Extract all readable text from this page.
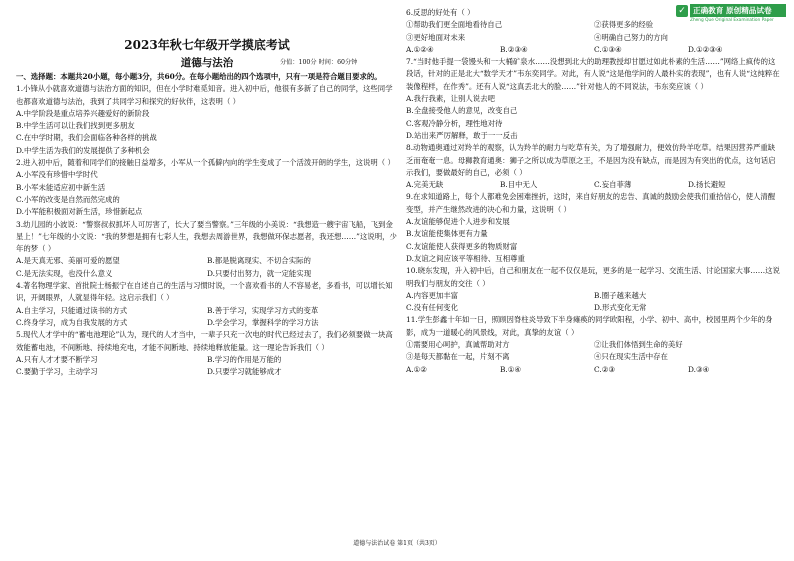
✓ 正确教育 原创精品试卷
Zheng Que Original Examination Paper
2023年秋七年级开学摸底考试
道德与法治	分值：100分 时间：60分钟

一、选择题：本题共20小题，每小题3分，共60分。在每小题给出的四个选项中，只有一项是符合题目要求的。

1.小锋从小就喜欢道德与法治方面的知识，但在小学时难觅知音。进入初中后，他很有多新了自己的同学，这些同学也都喜欢道德与法治，我到了共同学习和探究的好伙伴，这表明（ ）

A.中学阶段是重点培养兴趣爱好的新阶段

B.中学生活可以让我们找到更多朋友

C.在中学时期，我们会面临各种各样的挑战

D.中学生活为我们的发展提供了多种机会

2.进入初中后，随着和同学们的接触日益增多，小军从一个孤僻内向的学生变成了一个活泼开朗的学生，这说明（ ）

A.小军没有珍惜中学时代

B.小军未能适应初中新生活

C.小军的改变是自然而然完成的

D.小军能积极面对新生活，珍惜新起点

3.幼儿园的小波说：“警察叔叔抓坏人可厉害了，长大了要当警察。”三年级的小美说：“我想造一艘宇宙飞船，飞到金星上！”七年级的小文说：“我的梦想是拥有七彩人生，我想去周游世界，我想做环保志愿者，我还想……”这说明，少年的梦（ ）

A.是天真无邪、美丽可爱的愿望	B.都是脱离现实、不切合实际的
C.是无法实现，也没什么意义	D.只要付出努力，就一定能实现

4.著名物理学家、首批院士杨振宁在自述自己的生活与习惯时说，一个喜欢看书的人不容易老，多看书，可以增长知识，开阔眼界，人就显得年轻。这启示我们（ ）

A.自主学习，只能通过读书的方式	B.善于学习，实现学习方式的变革
C.终身学习，成为自我发展的方式	D.学会学习，掌握科学的学习方法

5.现代人才学中的“蓄电池理论”认为，现代的人才当中，一辈子只充一次电的时代已经过去了，我们必须要做一块高效能蓄电池，不间断地、持续地充电，才能不间断地、持续地释放能量。这一理论告诉我们（ ）

A.只有人才才要不断学习	B.学习的作用是万能的
C.要勤于学习，主动学习	D.只要学习就能够成才

6.反思的好处有（ ）

①帮助我们更全面地看待自己	②获得更多的经验
③更好地面对未来	④明确自己努力的方向
A.①②④	B.②③④	C.①③④	D.①②③④

7.“当时他手提一袋馒头和一大桶矿泉水……没想到北大的助理教授却甘愿过如此朴素的生活……”网络上疯传的这段话，针对的正是北大“数学天才”韦东奕同学。对此，有人说“这是他学问的人最朴实的表现”，也有人说“这纯粹在装像程样，在作秀”。还有人说“这真丢北大的脸……”针对他人的不同说法，韦东奕应该（ ）

A.我行我素，让别人说去吧

B.全盘接受他人的意见，改变自己

C.客观冷静分析，理性地对待

D.站出来严厉解释，敢于一一反击

8.动物通奥通过对羚羊的观察，认为羚羊的耐力与吃草有关，为了增强耐力，便效仿羚羊吃草。结果因营养严重缺乏而奄奄一息。母狮教育通奥：狮子之所以成为草原之王，不是因为没有缺点，而是因为有突出的优点，这句话启示我们，要做最好的自己，必须（ ）

A.完美无缺	B.目中无人	C.妄自菲薄	D.扬长避短

9.在求知道路上，每个人都难免会困难挫折，这时，来自好朋友的忠告、真诚的鼓励会使我们重拾信心，使人清醒变型，并产生继然改进的决心和力量，这说明（ ）

A.友谊能够促进个人进步和发展

B.友谊能使集体更有力量

C.友谊能使人获得更多的物质财富

D.友谊之间应该平等相待、互相尊重

10.晓东发现，升入初中后，自己和朋友在一起不仅仅是玩，更多的是一起学习、交流生活、讨论国家大事……这说明我们与朋友的交往（ ）

A.内容更加丰富	B.圈子越来越大
C.没有任何变化	D.形式变化无常

11.学生彭鑫十年如一日，照顾因脊柱炎导致下半身瘫痪的同学欧阳程，小学、初中、高中，校园里两个少年的身影，成为一道暖心的风景线，对此，真挚的友谊（ ）

①需要用心呵护，真诚帮助对方	②让我们体悟到生命的美好
③是每天都黏在一起，片刻不离	④只在现实生活中存在
A.①②	B.①④	C.②③	D.③④
道德与法治试卷 第1页（共3页）
